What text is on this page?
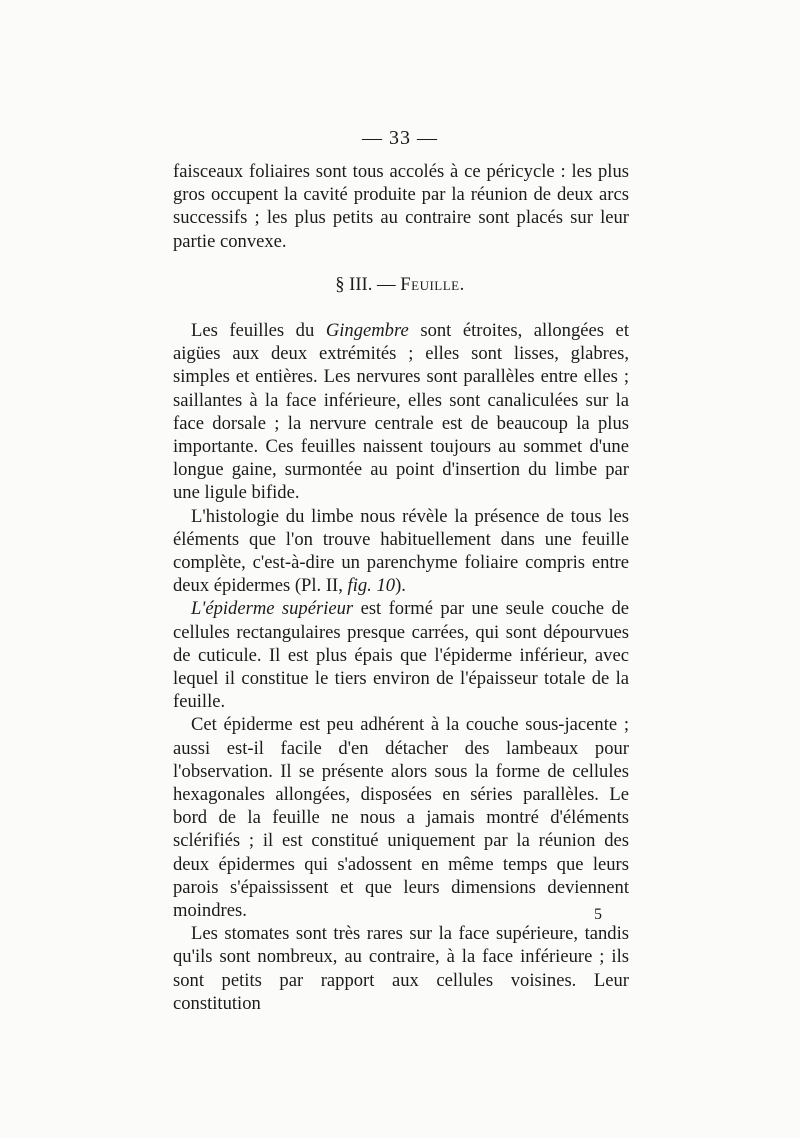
— 33 —

faisceaux foliaires sont tous accolés à ce péricycle : les plus gros occupent la cavité produite par la réunion de deux arcs successifs ; les plus petits au contraire sont placés sur leur partie convexe.

§ III. — Feuille.

Les feuilles du Gingembre sont étroites, allongées et aigües aux deux extrémités ; elles sont lisses, glabres, simples et entières. Les nervures sont parallèles entre elles ; saillantes à la face inférieure, elles sont canaliculées sur la face dorsale ; la nervure centrale est de beaucoup la plus importante. Ces feuilles naissent toujours au sommet d'une longue gaine, surmontée au point d'insertion du limbe par une ligule bifide.

L'histologie du limbe nous révèle la présence de tous les éléments que l'on trouve habituellement dans une feuille complète, c'est-à-dire un parenchyme foliaire compris entre deux épidermes (Pl. II, fig. 10).

L'épiderme supérieur est formé par une seule couche de cellules rectangulaires presque carrées, qui sont dépourvues de cuticule. Il est plus épais que l'épiderme inférieur, avec lequel il constitue le tiers environ de l'épaisseur totale de la feuille.

Cet épiderme est peu adhérent à la couche sous-jacente ; aussi est-il facile d'en détacher des lambeaux pour l'observation. Il se présente alors sous la forme de cellules hexagonales allongées, disposées en séries parallèles. Le bord de la feuille ne nous a jamais montré d'éléments sclérifiés ; il est constitué uniquement par la réunion des deux épidermes qui s'adossent en même temps que leurs parois s'épaississent et que leurs dimensions deviennent moindres.

Les stomates sont très rares sur la face supérieure, tandis qu'ils sont nombreux, au contraire, à la face inférieure ; ils sont petits par rapport aux cellules voisines. Leur constitution

5
